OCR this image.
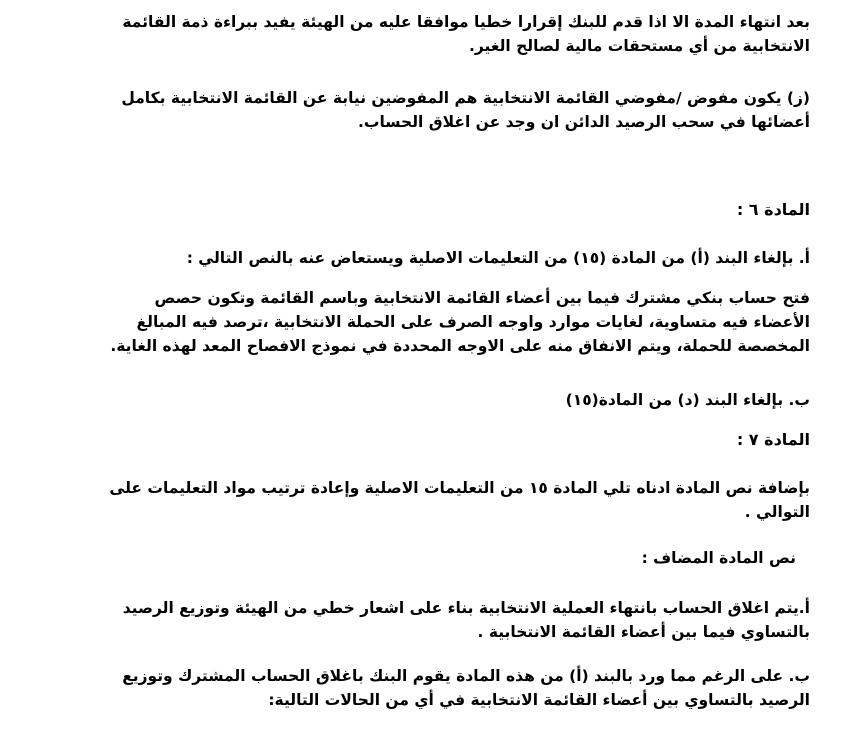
بعد انتهاء المدة الا اذا قدم للبنك إقرارا خطيا موافقا عليه من الهيئة يفيد ببراءة ذمة القائمة
الانتخابية من أي مستحقات مالية لصالح الغير.

(ز) يكون مفوض /مفوضي القائمة الانتخابية هم المفوضين نيابة عن القائمة الانتخابية بكامل
أعضائها في سحب الرصيد الدائن ان وجد عن اغلاق الحساب.

المادة ٦ :

أ. بإلغاء البند (أ) من المادة (١٥) من التعليمات الاصلية ويستعاض عنه بالنص التالي :

فتح حساب بنكي مشترك فيما بين أعضاء القائمة الانتخابية وباسم القائمة وتكون حصص
الأعضاء فيه متساوية، لغايات موارد واوجه الصرف على الحملة الانتخابية ،ترصد فيه المبالغ
المخصصة للحملة، ويتم الانفاق منه على الاوجه المحددة في نموذج الافصاح المعد لهذه الغاية.

ب. بإلغاء البند (د) من المادة(١٥)

المادة ٧ :

بإضافة نص المادة ادناه تلي المادة ١٥ من التعليمات الاصلية وإعادة ترتيب مواد التعليمات على
التوالي .

نص المادة المضاف :

أ.يتم اغلاق الحساب بانتهاء العملية الانتخابية بناء على اشعار خطي من الهيئة وتوزيع الرصيد
بالتساوي فيما بين أعضاء القائمة الانتخابية .

ب. على الرغم مما ورد بالبند (أ) من هذه المادة يقوم البنك باغلاق الحساب المشترك وتوزيع
الرصيد بالتساوي بين أعضاء القائمة الانتخابية في أي من الحالات التالية:
